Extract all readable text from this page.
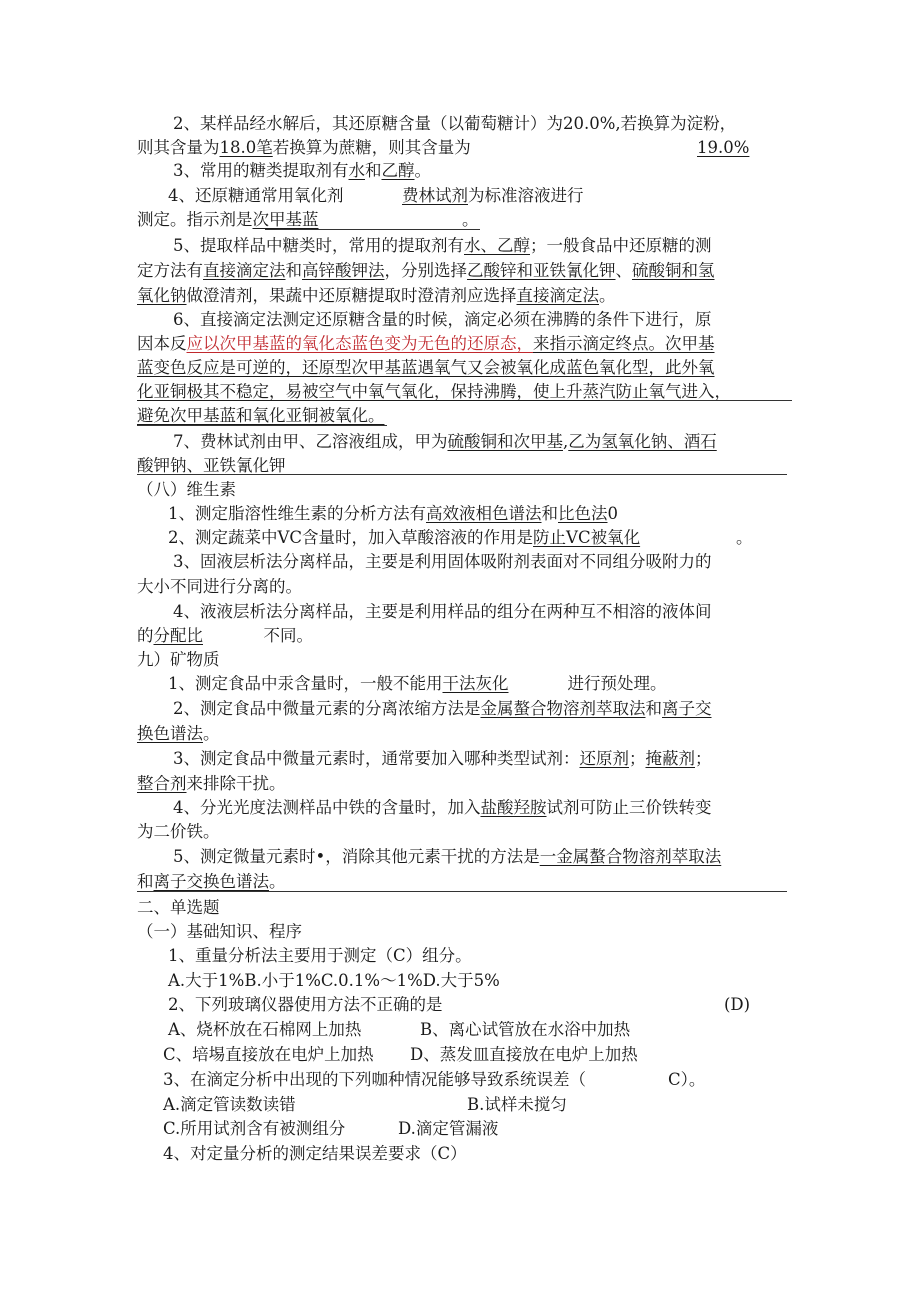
2、某样品经水解后，其还原糖含量（以葡萄糖计）为20.0%,若换算为淀粉，
则其含量为18.0笔若换算为蔗糖，则其含量为	19.0%
3、常用的糖类提取剂有水和乙醇。
4、还原糖通常用氧化剂	费林试剂为标准溶液进行
测定。指示剂是次甲基蓝	。
5、提取样品中糖类时，常用的提取剂有水、乙醇；一般食品中还原糖的测
定方法有直接滴定法和高锌酸钾法，分别选择乙酸锌和亚铁氰化钾、硫酸铜和氢
氧化钠做澄清剂，果蔬中还原糖提取时澄清剂应选择直接滴定法。
6、直接滴定法测定还原糖含量的时候，滴定必须在沸腾的条件下进行，原
因本反应以次甲基蓝的氧化态蓝色变为无色的还原态，来指示滴定终点。次甲基
蓝变色反应是可逆的，还原型次甲基蓝遇氧气又会被氧化成蓝色氧化型，此外氧
化亚铜极其不稳定，易被空气中氧气氧化，保持沸腾，使上升蒸汽防止氧气进入，
避免次甲基蓝和氧化亚铜被氧化。
7、费林试剂由甲、乙溶液组成，甲为硫酸铜和次甲基,乙为氢氧化钠、酒石
酸钾钠、亚铁氰化钾
（八）维生素
1、测定脂溶性维生素的分析方法有高效液相色谱法和比色法0
2、测定蔬菜中VC含量时，加入草酸溶液的作用是防止VC被氧化	。
3、固液层析法分离样品，主要是利用固体吸附剂表面对不同组分吸附力的
大小不同进行分离的。
4、液液层析法分离样品，主要是利用样品的组分在两种互不相溶的液体间
的分配比	不同。
九）矿物质
1、测定食品中汞含量时，一般不能用干法灰化	进行预处理。
2、测定食品中微量元素的分离浓缩方法是金属螯合物溶剂萃取法和离子交
换色谱法。
3、测定食品中微量元素时，通常要加入哪种类型试剂：还原剂；掩蔽剂；
整合剂来排除干扰。
4、分光光度法测样品中铁的含量时，加入盐酸羟胺试剂可防止三价铁转变
为二价铁。
5、测定微量元素时•，消除其他元素干扰的方法是一金属螯合物溶剂萃取法
和离子交换色谱法。
二、单选题
（一）基础知识、程序
1、重量分析法主要用于测定（C）组分。
A.大于1%B.小于1%C.0.1%～1%D.大于5%
2、下列玻璃仪器使用方法不正确的是	(D)
A、烧杯放在石棉网上加热	B、离心试管放在水浴中加热
C、培埸直接放在电炉上加热 D、蒸发皿直接放在电炉上加热
3、在滴定分析中出现的下列咖种情况能够导致系统误差（	C）。
A.滴定管读数读错	B.试样未搅匀
C.所用试剂含有被测组分	D.滴定管漏液
4、对定量分析的测定结果误差要求（C）
